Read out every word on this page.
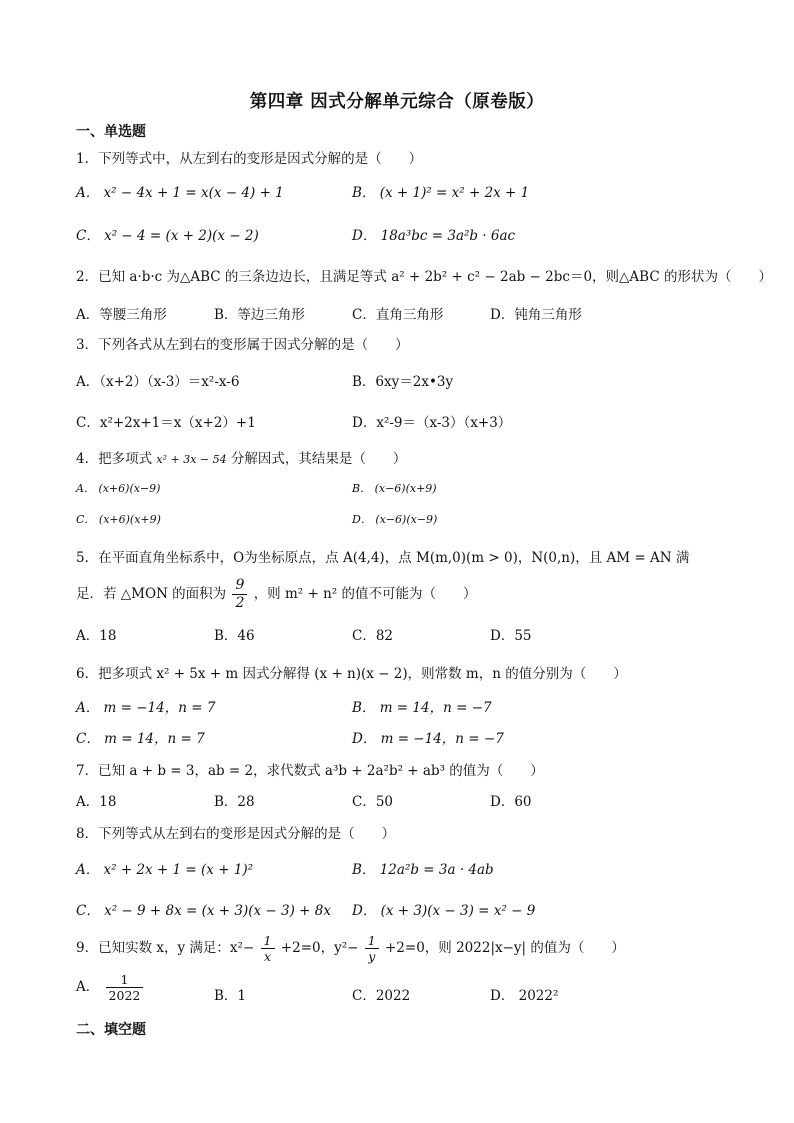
第四章 因式分解单元综合（原卷版）
一、单选题
1．下列等式中，从左到右的变形是因式分解的是（　　）
A． x² − 4x + 1 = x(x − 4) + 1	B． (x + 1)² = x² + 2x + 1
C． x² − 4 = (x + 2)(x − 2)	D． 18a³bc = 3a²b · 6ac
2．已知 a·b·c 为△ABC 的三条边边长，且满足等式 a² + 2b² + c² − 2ab − 2bc＝0，则△ABC 的形状为（　　）
A．等腰三角形	B．等边三角形	C．直角三角形	D．钝角三角形
3．下列各式从左到右的变形属于因式分解的是（　　）
A．（x+2）（x-3）＝x²-x-6	B．6xy＝2x•3y
C．x²+2x+1＝x（x+2）+1	D．x²-9＝（x-3）（x+3）
4．把多项式 x² + 3x − 54 分解因式，其结果是（　　）
A． (x+6)(x−9)	B． (x−6)(x+9)
C． (x+6)(x+9)	D． (x−6)(x−9)
5．在平面直角坐标系中，O为坐标原点，点 A(4,4)，点 M(m,0)(m > 0)，N(0,n)，且 AM = AN 满
足．若 △MON 的面积为 $\frac{9}{2}$ ，则 m² + n² 的值不可能为（　　）
A．18	B．46	C．82	D．55
6．把多项式 x² + 5x + m 因式分解得 (x + n)(x − 2)，则常数 m，n 的值分别为（　　）
A． m = −14，n = 7	B． m = 14，n = −7
C． m = 14，n = 7	D． m = −14，n = −7
7．已知 a + b = 3，ab = 2，求代数式 a³b + 2a²b² + ab³ 的值为（　　）
A．18	B．28	C．50	D．60
8．下列等式从左到右的变形是因式分解的是（　　）
A． x² + 2x + 1 = (x + 1)²	B． 12a²b = 3a · 4ab
C． x² − 9 + 8x = (x + 3)(x − 3) + 8x D． (x + 3)(x − 3) = x² − 9
9．已知实数 x，y 满足：$x^2- \frac{1}{x} +2=0$，$y^2- \frac{1}{y} +2=0$，则 2022|x−y| 的值为（　　）
A． $\frac{1}{2022}$	B．1	C．2022	D． 2022²
二、填空题
